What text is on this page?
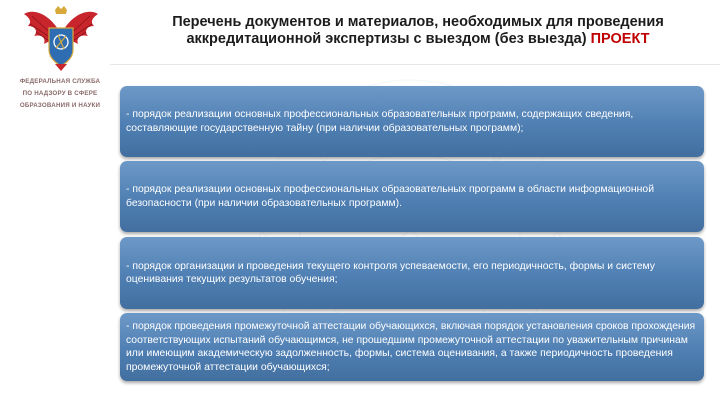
ФЕДЕРАЛЬНАЯ СЛУЖБА
ПО НАДЗОРУ В СФЕРЕ
ОБРАЗОВАНИЯ И НАУКИ
Перечень документов и материалов, необходимых для проведения
аккредитационной экспертизы с выездом (без выезда) ПРОЕКТ
- порядок реализации основных профессиональных образовательных программ, содержащих сведения, составляющие государственную тайну (при наличии образовательных программ);
- порядок реализации основных профессиональных образовательных программ в области информационной безопасности (при наличии образовательных программ).
- порядок организации и проведения текущего контроля успеваемости, его периодичность, формы и систему оценивания текущих результатов обучения;
- порядок проведения промежуточной аттестации обучающихся, включая порядок установления сроков прохождения соответствующих испытаний обучающимся, не прошедшим промежуточной аттестации по уважительным причинам или имеющим академическую задолженность, формы, система оценивания, а также периодичность проведения промежуточной аттестации обучающихся;
